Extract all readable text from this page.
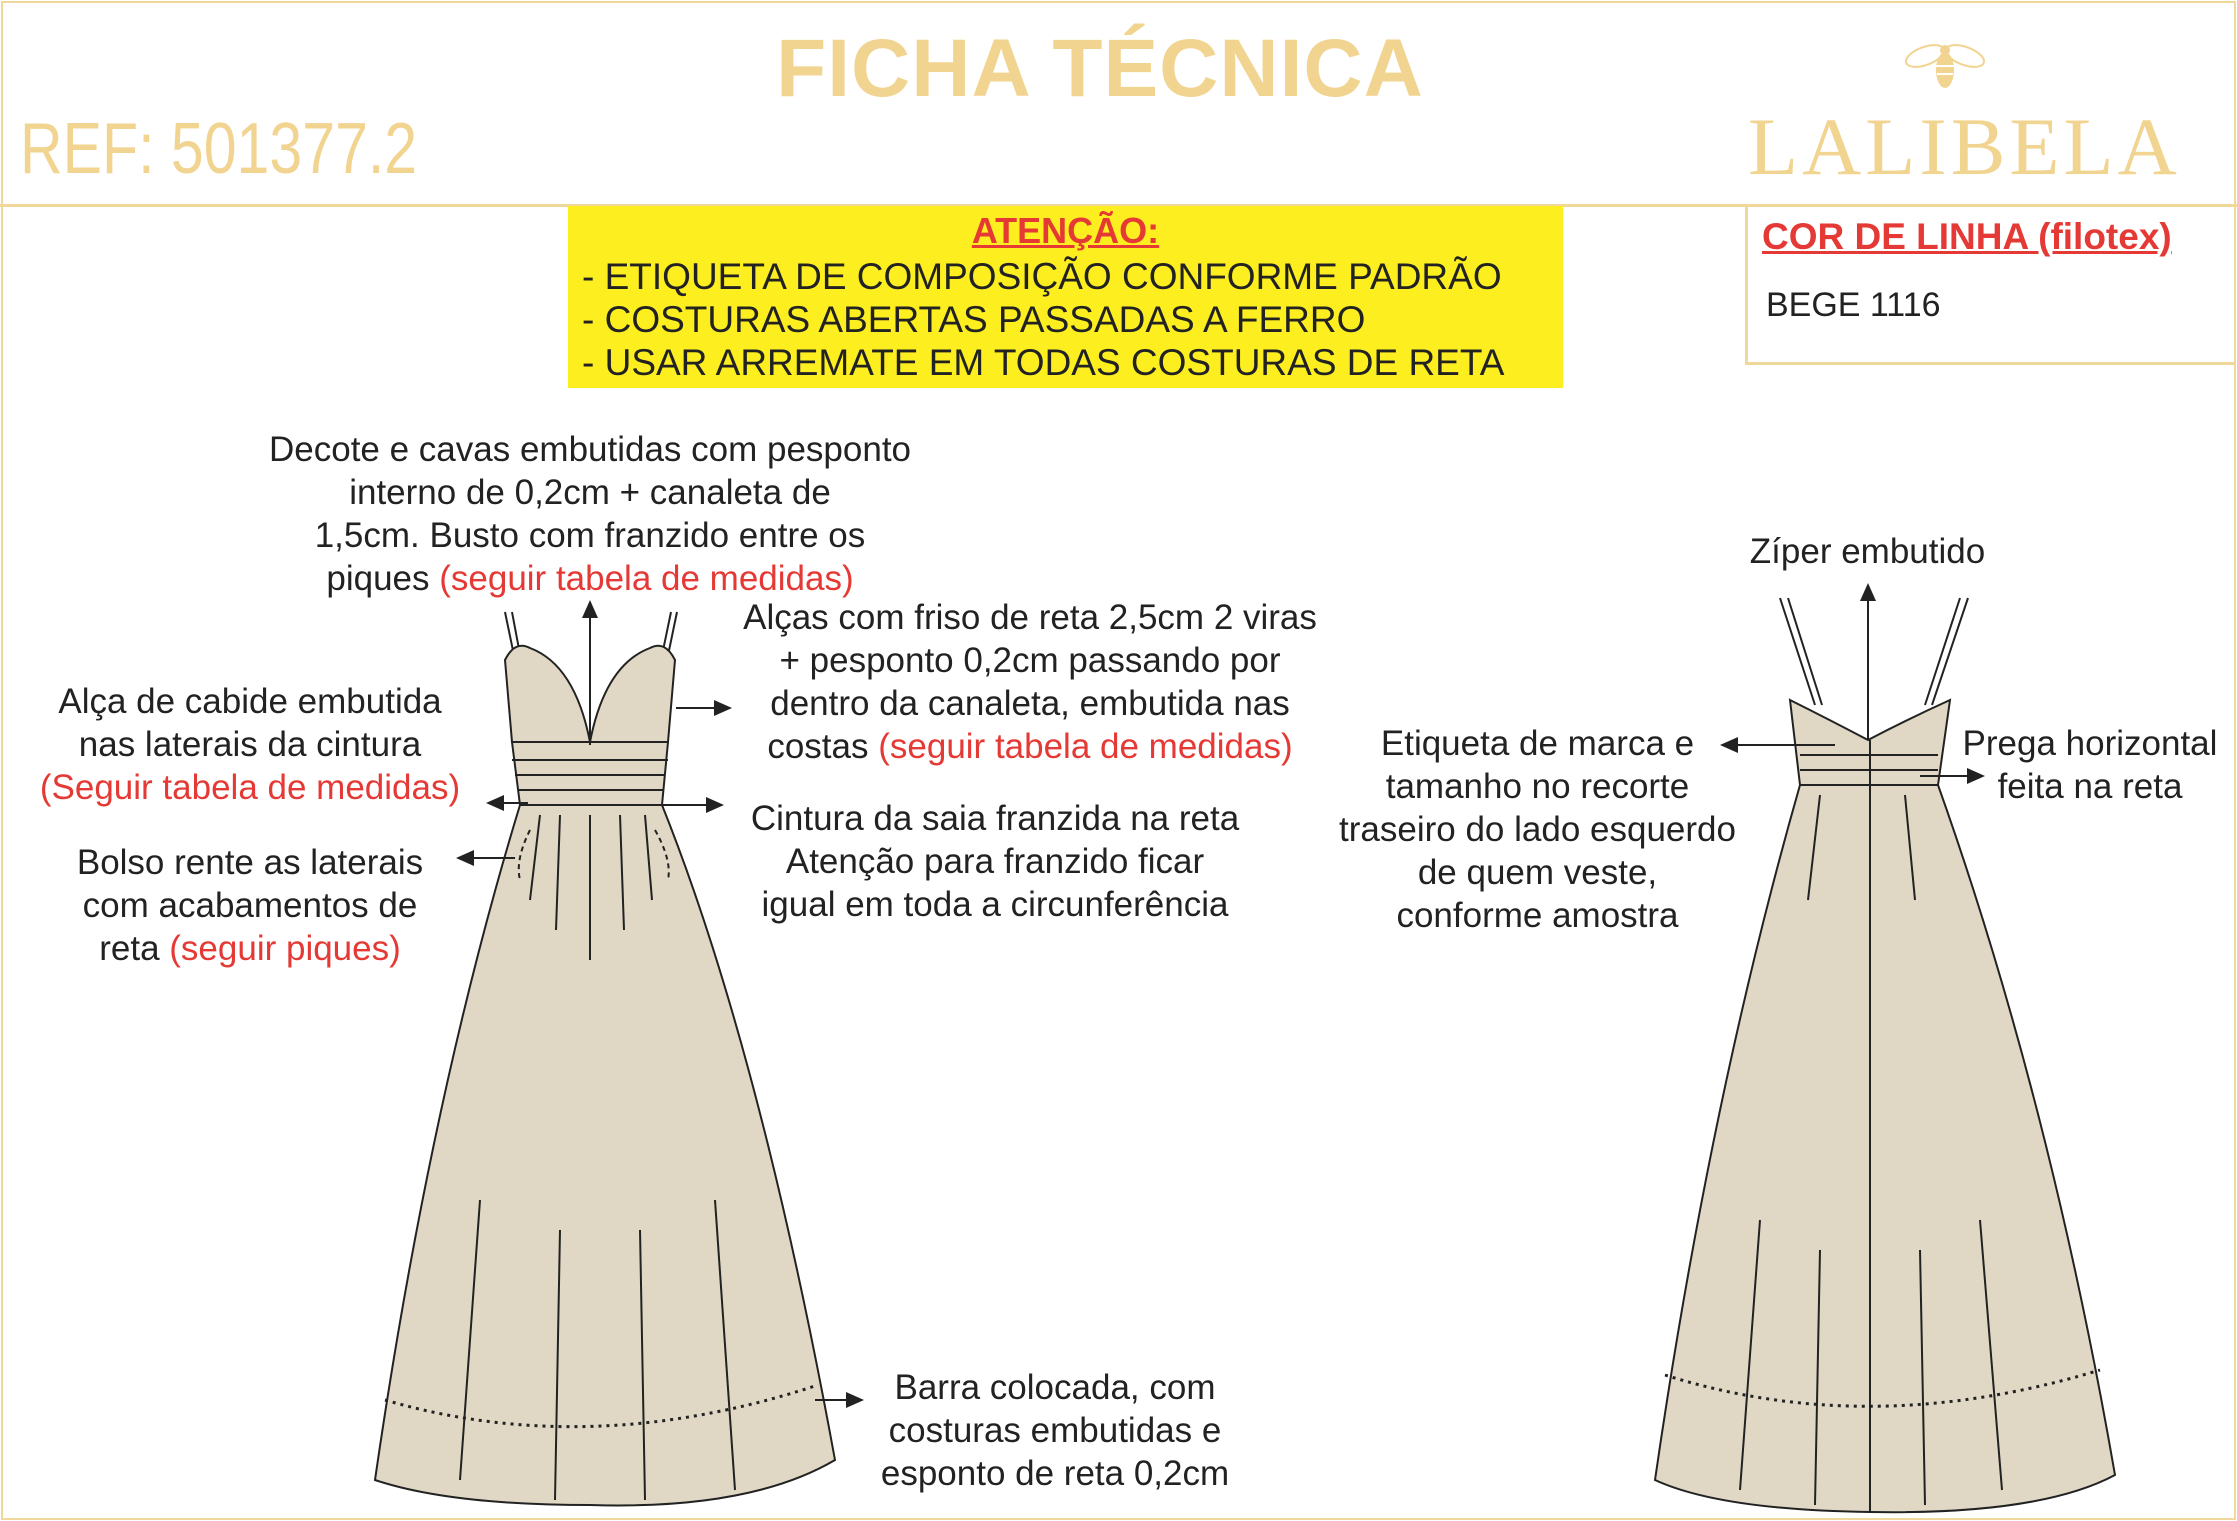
FICHA TÉCNICA
REF: 501377.2	LALIBELA
ATENÇÃO:
- ETIQUETA DE COMPOSIÇÃO CONFORME PADRÃO
- COSTURAS ABERTAS PASSADAS A FERRO
- USAR ARREMATE EM TODAS COSTURAS DE RETA
COR DE LINHA (filotex)
BEGE 1116
Decote e cavas embutidas com pesponto
interno de 0,2cm + canaleta de
1,5cm. Busto com franzido entre os
piques (seguir tabela de medidas)
Alças com friso de reta 2,5cm 2 viras
+ pesponto 0,2cm passando por
dentro da canaleta, embutida nas
costas (seguir tabela de medidas)
Alça de cabide embutida
nas laterais da cintura
(Seguir tabela de medidas)
Bolso rente as laterais
com acabamentos de
reta (seguir piques)
Cintura da saia franzida na reta
Atenção para franzido ficar
igual em toda a circunferência
Barra colocada, com
costuras embutidas e
esponto de reta 0,2cm
Zíper embutido
Etiqueta de marca e
tamanho no recorte
traseiro do lado esquerdo
de quem veste,
conforme amostra
Prega horizontal
feita na reta
